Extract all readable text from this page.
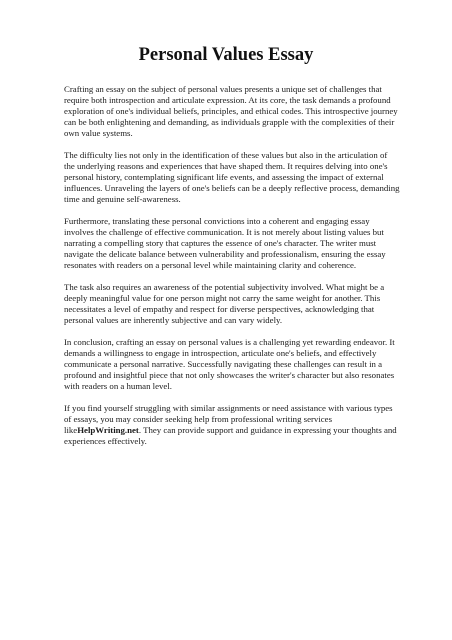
Personal Values Essay

Crafting an essay on the subject of personal values presents a unique set of challenges that require both introspection and articulate expression. At its core, the task demands a profound exploration of one's individual beliefs, principles, and ethical codes. This introspective journey can be both enlightening and demanding, as individuals grapple with the complexities of their own value systems.

The difficulty lies not only in the identification of these values but also in the articulation of the underlying reasons and experiences that have shaped them. It requires delving into one's personal history, contemplating significant life events, and assessing the impact of external influences. Unraveling the layers of one's beliefs can be a deeply reflective process, demanding time and genuine self-awareness.

Furthermore, translating these personal convictions into a coherent and engaging essay involves the challenge of effective communication. It is not merely about listing values but narrating a compelling story that captures the essence of one's character. The writer must navigate the delicate balance between vulnerability and professionalism, ensuring the essay resonates with readers on a personal level while maintaining clarity and coherence.

The task also requires an awareness of the potential subjectivity involved. What might be a deeply meaningful value for one person might not carry the same weight for another. This necessitates a level of empathy and respect for diverse perspectives, acknowledging that personal values are inherently subjective and can vary widely.

In conclusion, crafting an essay on personal values is a challenging yet rewarding endeavor. It demands a willingness to engage in introspection, articulate one's beliefs, and effectively communicate a personal narrative. Successfully navigating these challenges can result in a profound and insightful piece that not only showcases the writer's character but also resonates with readers on a human level.

If you find yourself struggling with similar assignments or need assistance with various types of essays, you may consider seeking help from professional writing services likeHelpWriting.net. They can provide support and guidance in expressing your thoughts and experiences effectively.
